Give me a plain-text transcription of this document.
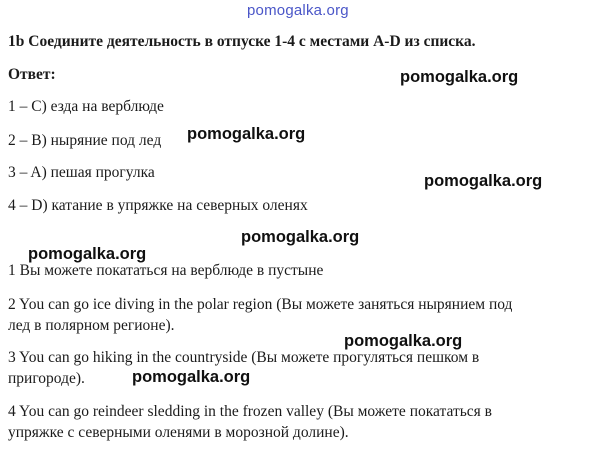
pomogalka.org
1b Соедините деятельность в отпуске 1-4 с местами A-D из списка.
Ответ:
1 – C) езда на верблюде
2 – B) ныряние под лед
3 – A) пешая прогулка
4 – D) катание в упряжке на северных оленях
1 Вы можете покататься на верблюде в пустыне
2 You can go ice diving in the polar region (Вы можете заняться нырянием под
лед в полярном регионе).
3 You can go hiking in the countryside (Вы можете прогуляться пешком в
пригороде).
4 You can go reindeer sledding in the frozen valley (Вы можете покататься в
упряжке с северными оленями в морозной долине).
pomogalka.org
pomogalka.org
pomogalka.org
pomogalka.org
pomogalka.org
pomogalka.org
pomogalka.org
